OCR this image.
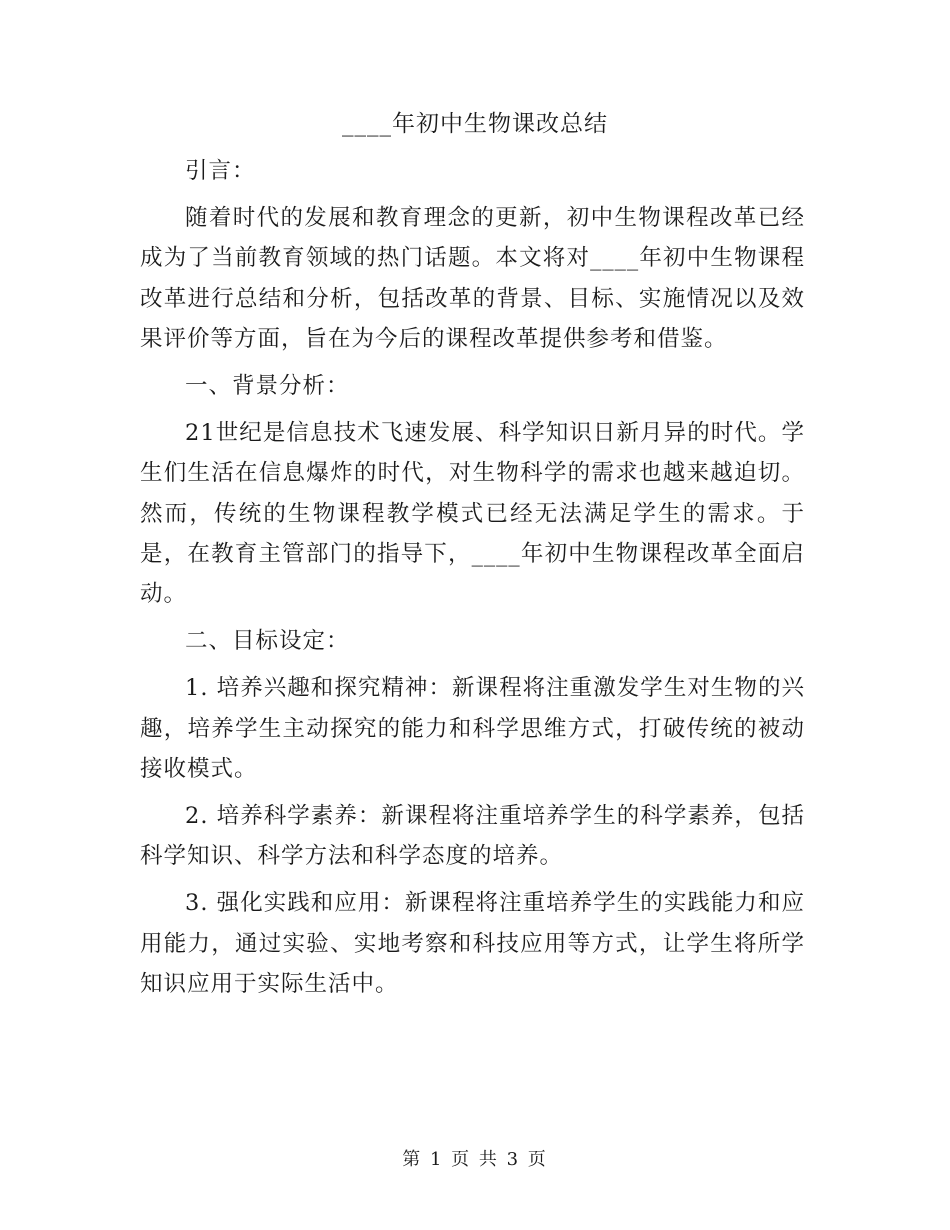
____年初中生物课改总结

引言：

随着时代的发展和教育理念的更新，初中生物课程改革已经成为了当前教育领域的热门话题。本文将对____年初中生物课程改革进行总结和分析，包括改革的背景、目标、实施情况以及效果评价等方面，旨在为今后的课程改革提供参考和借鉴。

一、背景分析：

21世纪是信息技术飞速发展、科学知识日新月异的时代。学生们生活在信息爆炸的时代，对生物科学的需求也越来越迫切。然而，传统的生物课程教学模式已经无法满足学生的需求。于是，在教育主管部门的指导下，____年初中生物课程改革全面启动。

二、目标设定：

1. 培养兴趣和探究精神：新课程将注重激发学生对生物的兴趣，培养学生主动探究的能力和科学思维方式，打破传统的被动接收模式。

2. 培养科学素养：新课程将注重培养学生的科学素养，包括科学知识、科学方法和科学态度的培养。

3. 强化实践和应用：新课程将注重培养学生的实践能力和应用能力，通过实验、实地考察和科技应用等方式，让学生将所学知识应用于实际生活中。

第 1 页 共 3 页
